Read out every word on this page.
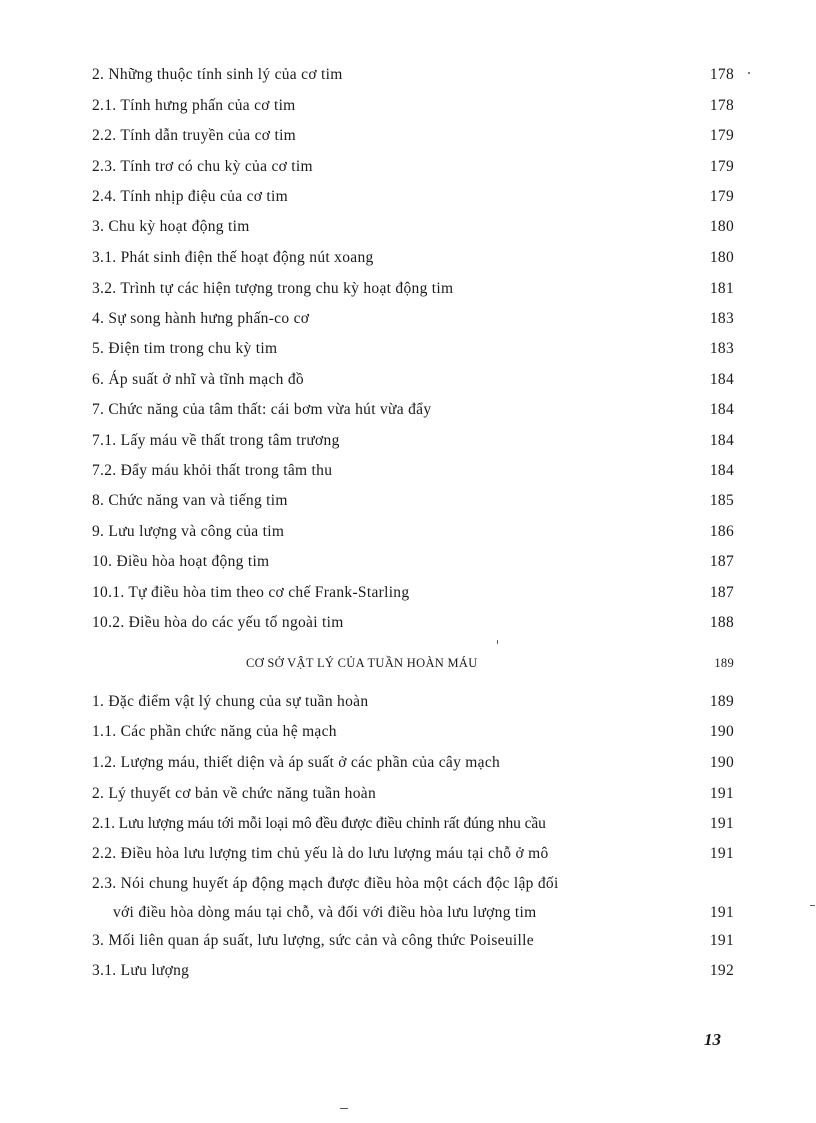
2. Những thuộc tính sinh lý của cơ tim	178
2.1. Tính hưng phấn của cơ tim	178
2.2. Tính dẫn truyền của cơ tim	179
2.3. Tính trơ có chu kỳ của cơ tim	179
2.4. Tính nhịp điệu của cơ tim	179
3. Chu kỳ hoạt động tim	180
3.1. Phát sinh điện thế hoạt động nút xoang	180
3.2. Trình tự các hiện tượng trong chu kỳ hoạt động tim	181
4. Sự song hành hưng phấn-co cơ	183
5. Điện tim trong chu kỳ tim	183
6. Áp suất ở nhĩ và tĩnh mạch đồ	184
7. Chức năng của tâm thất: cái bơm vừa hút vừa đẩy	184
7.1. Lấy máu về thất trong tâm trương	184
7.2. Đẩy máu khỏi thất trong tâm thu	184
8. Chức năng van và tiếng tim	185
9. Lưu lượng và công của tim	186
10. Điều hòa hoạt động tim	187
10.1. Tự điều hòa tim theo cơ chế Frank-Starling	187
10.2. Điều hòa do các yếu tố ngoài tim	188
CƠ SỞ VẬT LÝ CỦA TUẦN HOÀN MÁU	189
1. Đặc điểm vật lý chung của sự tuần hoàn	189
1.1. Các phần chức năng của hệ mạch	190
1.2. Lượng máu, thiết diện và áp suất ở các phần của cây mạch	190
2. Lý thuyết cơ bản về chức năng tuần hoàn	191
2.1. Lưu lượng máu tới mỗi loại mô đều được điều chỉnh rất đúng nhu cầu	191
2.2. Điều hòa lưu lượng tim chủ yếu là do lưu lượng máu tại chỗ ở mô	191
2.3. Nói chung huyết áp động mạch được điều hòa một cách độc lập đối
với điều hòa dòng máu tại chỗ, và đối với điều hòa lưu lượng tim	191
3. Mối liên quan áp suất, lưu lượng, sức cản và công thức Poiseuille	191
3.1. Lưu lượng	192
13
